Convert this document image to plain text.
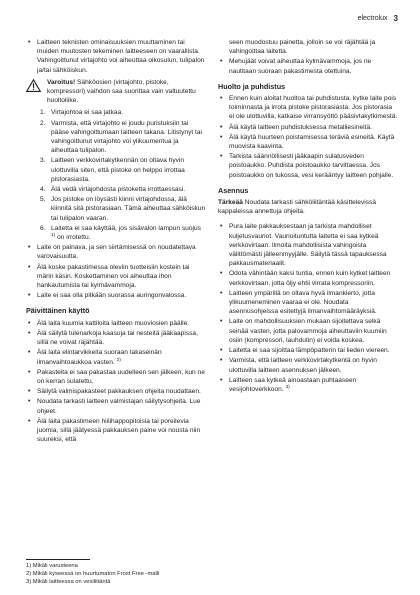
electrolux 3
• Laitteen teknisten ominaisuuksien muuttaminen tai muiden muutosten tekeminen laitteeseen on vaarallista. Vahingoittunut virtajohto voi aiheuttaa oikosulun, tulipalon ja/tai sähköiskun.
Varoitus! Sähköosien (virtajohto, pistoke, kompressori) vaihdon saa suorittaa vain valtuutettu huoltoliike.
1. Virtajohtoa ei saa jatkaa.
2. Varmista, että virtajohto ei joudu puristuksiin tai pääse vahingoittumaan laitteen takana. Litistynyt tai vahingoittunut virtajohto voi ylikuumentua ja aiheuttaa tulipalon.
3. Laitteen verkkovirtakytkennän on oltava hyvin ulottuvilla siten, että pistoke on helppo irrottaa pistorasiasta.
4. Älä vedä virtajohdosta pistoketta irrottaessasi.
5. Jos pistoke on löysästi kiinni virtajohdossa, älä kiinnitä sitä pistorasiaan. Tämä aiheuttaa sähköiskun tai tulipalon vaaran.
6. Laitetta ei saa käyttää, jos sisävalon lampun suojus $^{1)}$ on irrotettu.
• Laite on painava, ja sen siirtämisessä on noudatettava varovaisuutta.
• Älä koske pakastimessa oleviin tuotteisiin kostein tai märin käsin. Koskettaminen voi aiheuttaa ihon hankautumista tai kylmävammoja.
• Laite ei saa olla pitkään suorassa auringonvalossa.
Päivittäinen käyttö
• Älä laita kuumia kattiloita laitteen muoviosien päälle.
• Älä säilytä tulenarkoja kaasuja tai nesteitä jääkaapissa, sillä ne voivat räjähtää.
• Älä laita elintarvikkeita suoraan takaseinän ilmanvaihtoaukkoa vasten. $^{2)}$
• Pakasteita ei saa pakastaa uudelleen sen jälkeen, kun ne on kerran sulatettu.
• Säilytä valmispakasteet pakkauksen ohjeita noudattaen.
• Noudata tarkasti laitteen valmistajan säilytysohjeita. Lue ohjeet.
• Älä laita pakastimeen hiilihappopitoisia tai poreilevia juomia, sillä jäätyessä pakkauksen paine voi nousta niin suureksi, että
1) Mikäli varusteena
2) Mikäli kyseessä on huurtumaton Frost Free -malli
3) Mikäli laitteessa on vesiliitäntä
seen muodostuu painetta, jolloin se voi räjähtää ja vahingoittaa laitetta.
• Mehujäät voivat aiheuttaa kylmävammoja, jos ne nautitaan suoraan pakastimesta otettuina.
Huolto ja puhdistus
• Ennen kuin aloitat huoltoa tai puhdistusta, kytke laite pois toiminnasta ja irrota pistoke pistorasiasta. Jos pistorasia ei ole ulottuvilla, katkaise virransyöttö pääsivtakytkimestä.
• Älä käytä laitteen puhdistuksessa metalliesineitä.
• Älä käytä huurteen poistamisessa teräviä esineitä. Käytä muovista kaavinta.
• Tarkista säännöllisesti jääkaapin sulatusveden poistoaukko. Puhdista poistoaukko tarvittaessa. Jos poistoaukko on tukossa, vesi kerääntyy laitteen pohjalle.
Asennus

Tärkeää Noudata tarkasti sähköliitäntää käsittelevissä kappaleissa annettuja ohjeita.

• Pura laite pakkauksestaan ja tarkista mahdolliset kuljetusvauriot. Vaurioituntutta laitetta ei saa kytkeä verkkovirtaan. Ilmoita mahdollisista vahingoista välittömästi jälleenmyyjälle. Säilytä tässä tapauksessa pakkausmateriaalit.
• Odota vähintään kaksi tuntia, ennen kuin kytket laitteen verkkovirtaan, jotta öljy ehtii virrata kompressoriin.
• Laitteen ympärillä on oltava hyvä ilmankierto, jotta ylikuumeneminen vaaraa ei ole. Noudata asennusohjeissa esitettyjä ilmanvaihtomääräyksiä.
• Laite on mahdollisuuksien mukaan sijoitettava selkä seinää vasten, jotta palovammoja aiheuttaviin kuumiin osiin (kompressori, lauhdutin) ei voida koskea.
• Laitetta ei saa sijoittaa lämpöpatterin tai lieden viereen.
• Varmista, että laitteen verkkovirtakytkentä on hyvin ulottuvilla laitteen asennuksen jälkeen.
• Laitteen saa kytkeä ainoastaan puhtaaseen vesijohtoverkkoon. $^{3)}$
